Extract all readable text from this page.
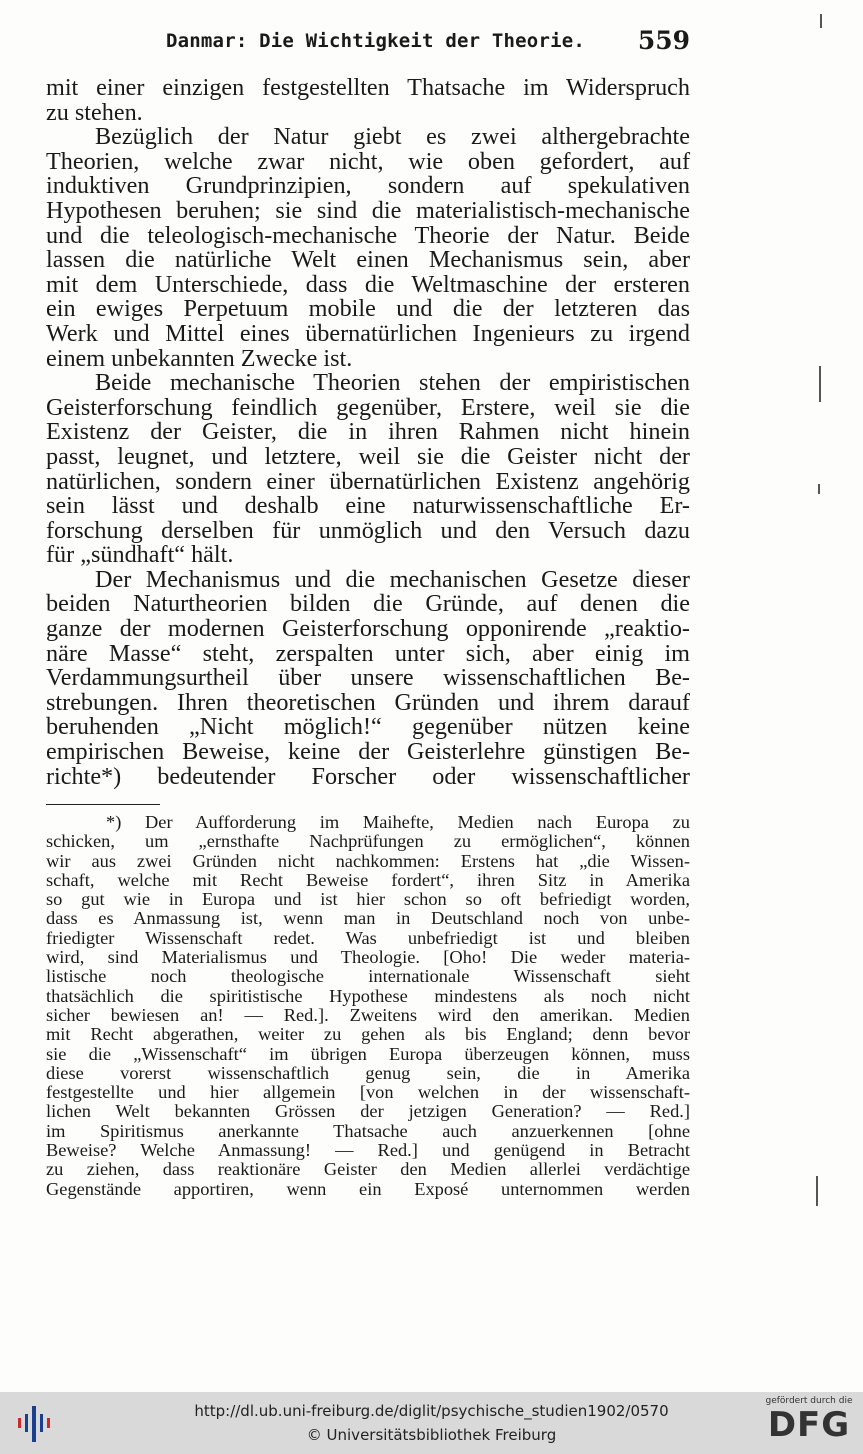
Danmar: Die Wichtigkeit der Theorie. 559
mit einer einzigen festgestellten Thatsache im Widerspruch
zu stehen.
Bezüglich der Natur giebt es zwei althergebrachte
Theorien, welche zwar nicht, wie oben gefordert, auf
induktiven Grundprinzipien, sondern auf spekulativen
Hypothesen beruhen; sie sind die materialistisch-mechanische
und die teleologisch-mechanische Theorie der Natur. Beide
lassen die natürliche Welt einen Mechanismus sein, aber
mit dem Unterschiede, dass die Weltmaschine der ersteren
ein ewiges Perpetuum mobile und die der letzteren das
Werk und Mittel eines übernatürlichen Ingenieurs zu irgend
einem unbekannten Zwecke ist.
Beide mechanische Theorien stehen der empiristischen
Geisterforschung feindlich gegenüber, Erstere, weil sie die
Existenz der Geister, die in ihren Rahmen nicht hinein
passt, leugnet, und letztere, weil sie die Geister nicht der
natürlichen, sondern einer übernatürlichen Existenz angehörig
sein lässt und deshalb eine naturwissenschaftliche Er-
forschung derselben für unmöglich und den Versuch dazu
für „sündhaft“ hält.
Der Mechanismus und die mechanischen Gesetze dieser
beiden Naturtheorien bilden die Gründe, auf denen die
ganze der modernen Geisterforschung opponirende „reaktio-
näre Masse“ steht, zerspalten unter sich, aber einig im
Verdammungsurtheil über unsere wissenschaftlichen Be-
strebungen. Ihren theoretischen Gründen und ihrem darauf
beruhenden „Nicht möglich!“ gegenüber nützen keine
empirischen Beweise, keine der Geisterlehre günstigen Be-
richte*) bedeutender Forscher oder wissenschaftlicher
*) Der Aufforderung im Maihefte, Medien nach Europa zu
schicken, um „ernsthafte Nachprüfungen zu ermöglichen“, können
wir aus zwei Gründen nicht nachkommen: Erstens hat „die Wissen-
schaft, welche mit Recht Beweise fordert“, ihren Sitz in Amerika
so gut wie in Europa und ist hier schon so oft befriedigt worden,
dass es Anmassung ist, wenn man in Deutschland noch von unbe-
friedigter Wissenschaft redet. Was unbefriedigt ist und bleiben
wird, sind Materialismus und Theologie. [Oho! Die weder materia-
listische noch theologische internationale Wissenschaft sieht
thatsächlich die spiritistische Hypothese mindestens als noch nicht
sicher bewiesen an! — Red.]. Zweitens wird den amerikan. Medien
mit Recht abgerathen, weiter zu gehen als bis England; denn bevor
sie die „Wissenschaft“ im übrigen Europa überzeugen können, muss
diese vorerst wissenschaftlich genug sein, die in Amerika
festgestellte und hier allgemein [von welchen in der wissenschaft-
lichen Welt bekannten Grössen der jetzigen Generation? — Red.]
im Spiritismus anerkannte Thatsache auch anzuerkennen [ohne
Beweise? Welche Anmassung! — Red.] und genügend in Betracht
zu ziehen, dass reaktionäre Geister den Medien allerlei verdächtige
Gegenstände apportiren, wenn ein Exposé unternommen werden
http://dl.ub.uni-freiburg.de/diglit/psychische_studien1902/0570
© Universitätsbibliothek Freiburg
gefördert durch die
DFG
